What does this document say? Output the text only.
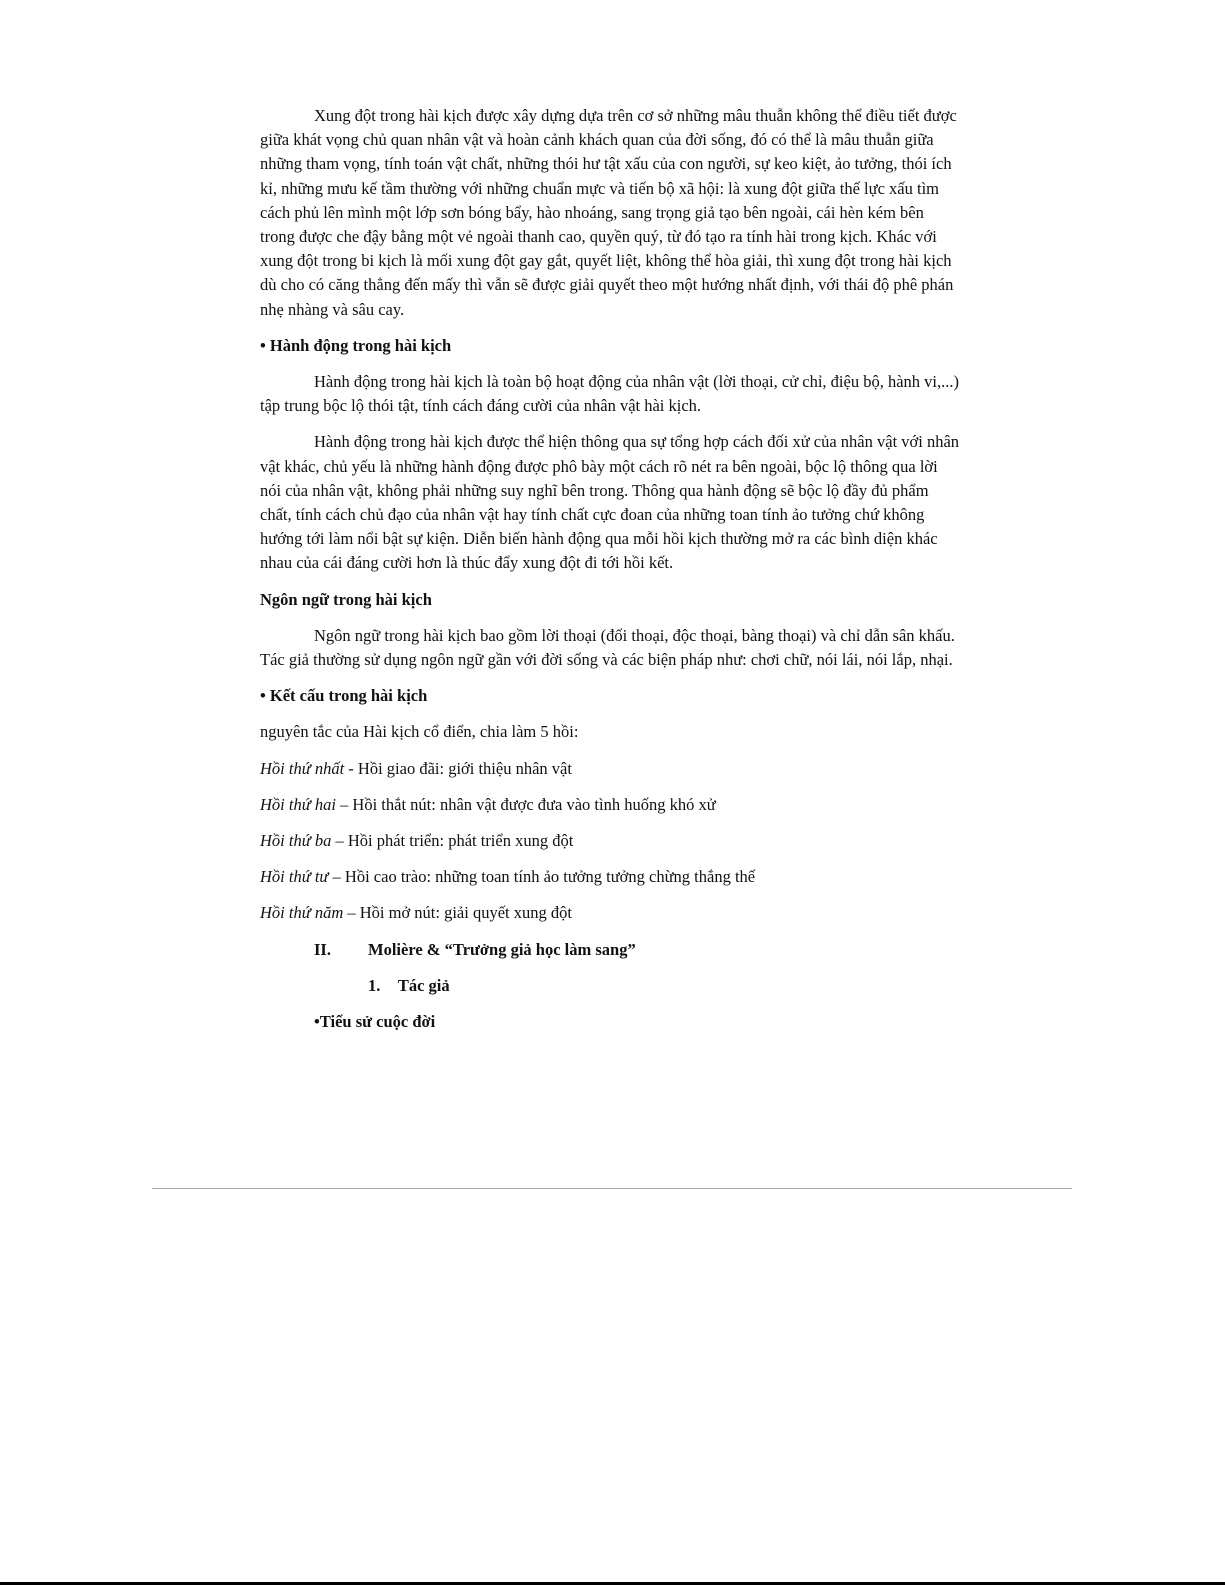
Xung đột trong hài kịch được xây dựng dựa trên cơ sở những mâu thuẫn không thể điều tiết được giữa khát vọng chủ quan nhân vật và hoàn cảnh khách quan của đời sống, đó có thể là mâu thuẫn giữa những tham vọng, tính toán vật chất, những thói hư tật xấu của con người, sự keo kiệt, ảo tưởng, thói ích kỉ, những mưu kế tầm thường với những chuẩn mực và tiến bộ xã hội: là xung đột giữa thế lực xấu tìm cách phủ lên mình một lớp sơn bóng bẩy, hào nhoáng, sang trọng giả tạo bên ngoài, cái hèn kém bên trong được che đậy bằng một vẻ ngoài thanh cao, quyền quý, từ đó tạo ra tính hài trong kịch. Khác với xung đột trong bi kịch là mối xung đột gay gắt, quyết liệt, không thể hòa giải, thì xung đột trong hài kịch dù cho có căng thẳng đến mấy thì vẫn sẽ được giải quyết theo một hướng nhất định, với thái độ phê phán nhẹ nhàng và sâu cay.

• Hành động trong hài kịch

Hành động trong hài kịch là toàn bộ hoạt động của nhân vật (lời thoại, cử chỉ, điệu bộ, hành vi,...) tập trung bộc lộ thói tật, tính cách đáng cười của nhân vật hài kịch.

Hành động trong hài kịch được thể hiện thông qua sự tổng hợp cách đối xử của nhân vật với nhân vật khác, chủ yếu là những hành động được phô bày một cách rõ nét ra bên ngoài, bộc lộ thông qua lời nói của nhân vật, không phải những suy nghĩ bên trong. Thông qua hành động sẽ bộc lộ đầy đủ phẩm chất, tính cách chủ đạo của nhân vật hay tính chất cực đoan của những toan tính ảo tưởng chứ không hướng tới làm nổi bật sự kiện. Diễn biến hành động qua mỗi hồi kịch thường mở ra các bình diện khác nhau của cái đáng cười hơn là thúc đẩy xung đột đi tới hồi kết.

Ngôn ngữ trong hài kịch

Ngôn ngữ trong hài kịch bao gồm lời thoại (đối thoại, độc thoại, bàng thoại) và chỉ dẫn sân khấu. Tác giả thường sử dụng ngôn ngữ gần với đời sống và các biện pháp như: chơi chữ, nói lái, nói lắp, nhại.

• Kết cấu trong hài kịch

nguyên tắc của Hài kịch cổ điển, chia làm 5 hồi:

Hồi thứ nhất - Hồi giao đãi: giới thiệu nhân vật

Hồi thứ hai – Hồi thắt nút: nhân vật được đưa vào tình huống khó xử

Hồi thứ ba – Hồi phát triển: phát triển xung đột

Hồi thứ tư – Hồi cao trào: những toan tính ảo tưởng tưởng chừng thắng thế

Hồi thứ năm – Hồi mở nút: giải quyết xung đột

II.	Molière & “Trưởng giả học làm sang”
1. Tác giả

•Tiểu sử cuộc đời
